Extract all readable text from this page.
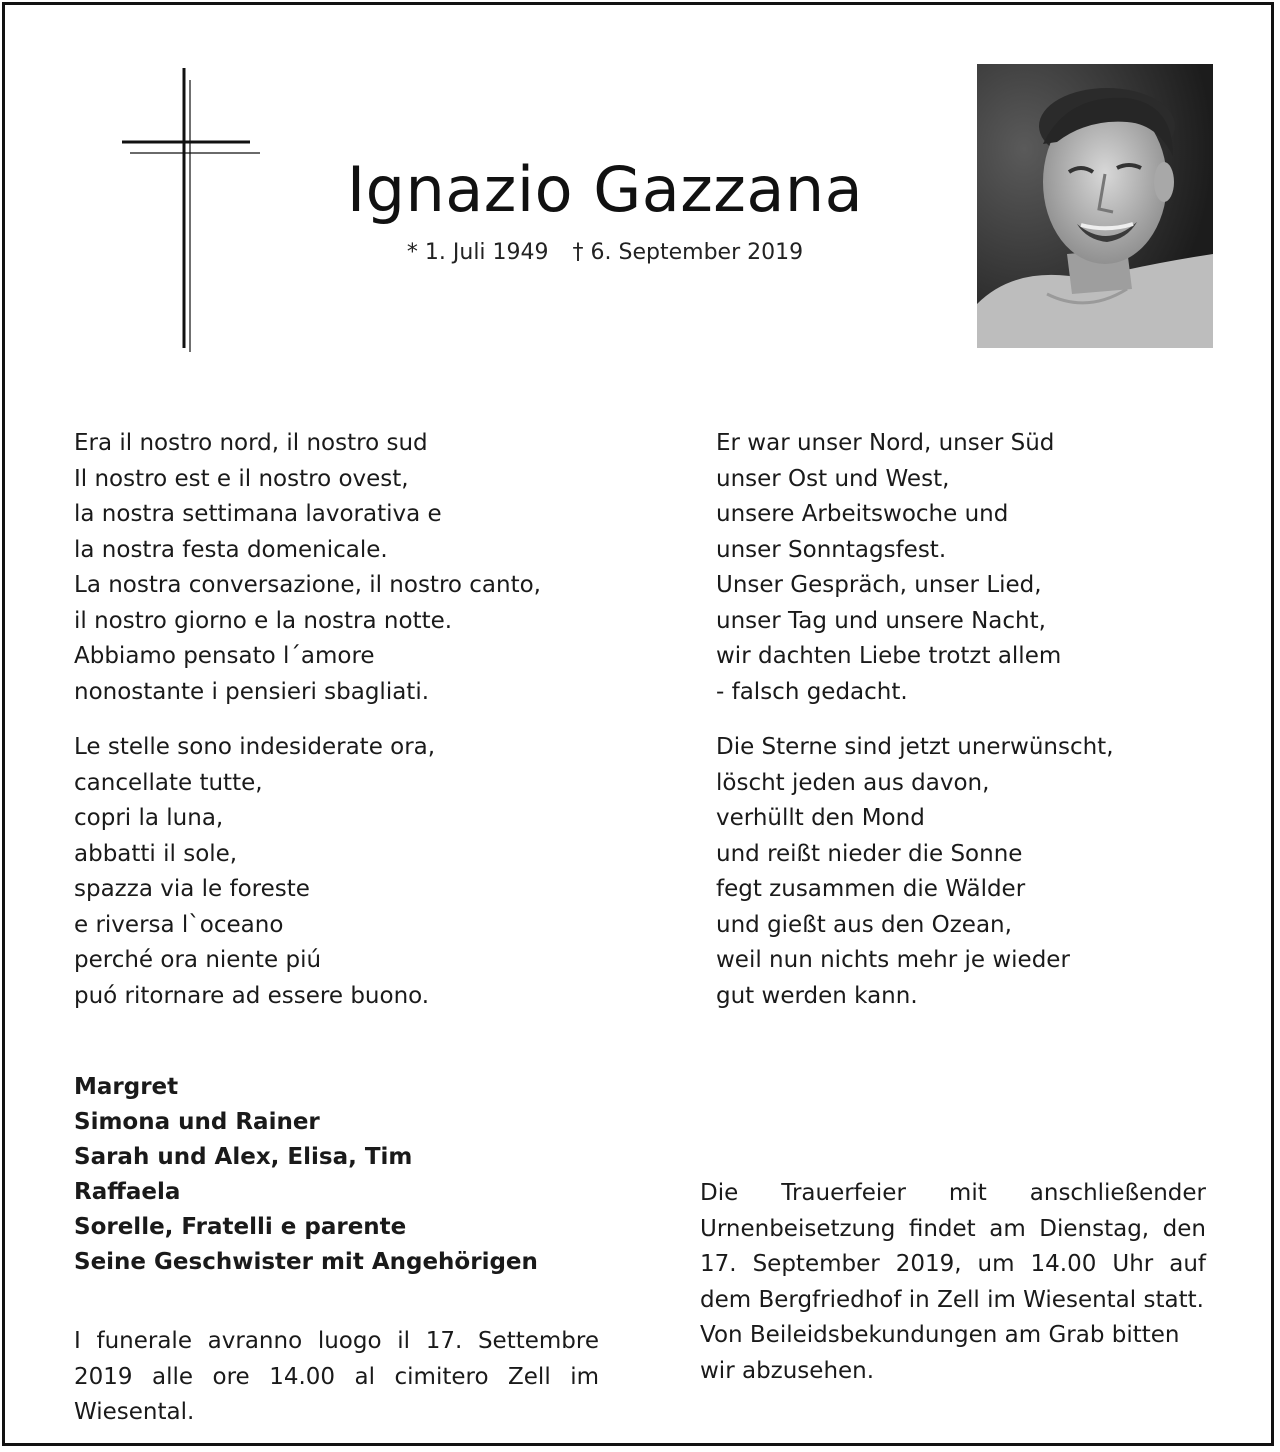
Ignazio Gazzana
* 1. Juli 1949 † 6. September 2019
Era il nostro nord, il nostro sud
Il nostro est e il nostro ovest,
la nostra settimana lavorativa e
la nostra festa domenicale.
La nostra conversazione, il nostro canto,
il nostro giorno e la nostra notte.
Abbiamo pensato l´amore
nonostante i pensieri sbagliati.
Le stelle sono indesiderate ora,
cancellate tutte,
copri la luna,
abbatti il sole,
spazza via le foreste
e riversa l`oceano
perché ora niente piú
puó ritornare ad essere buono.
Er war unser Nord, unser Süd
unser Ost und West,
unsere Arbeitswoche und
unser Sonntagsfest.
Unser Gespräch, unser Lied,
unser Tag und unsere Nacht,
wir dachten Liebe trotzt allem
- falsch gedacht.
Die Sterne sind jetzt unerwünscht,
löscht jeden aus davon,
verhüllt den Mond
und reißt nieder die Sonne
fegt zusammen die Wälder
und gießt aus den Ozean,
weil nun nichts mehr je wieder
gut werden kann.
Margret
Simona und Rainer
Sarah und Alex, Elisa, Tim
Raffaela
Sorelle, Fratelli e parente
Seine Geschwister mit Angehörigen

I funerale avranno luogo il 17. Settembre 2019 alle ore 14.00 al cimitero Zell im Wiesental.

Die Trauerfeier mit anschließender Urnenbeisetzung findet am Dienstag, den 17. September 2019, um 14.00 Uhr auf dem Bergfriedhof in Zell im Wiesental statt.

Von Beileidsbekundungen am Grab bitten wir abzusehen.
